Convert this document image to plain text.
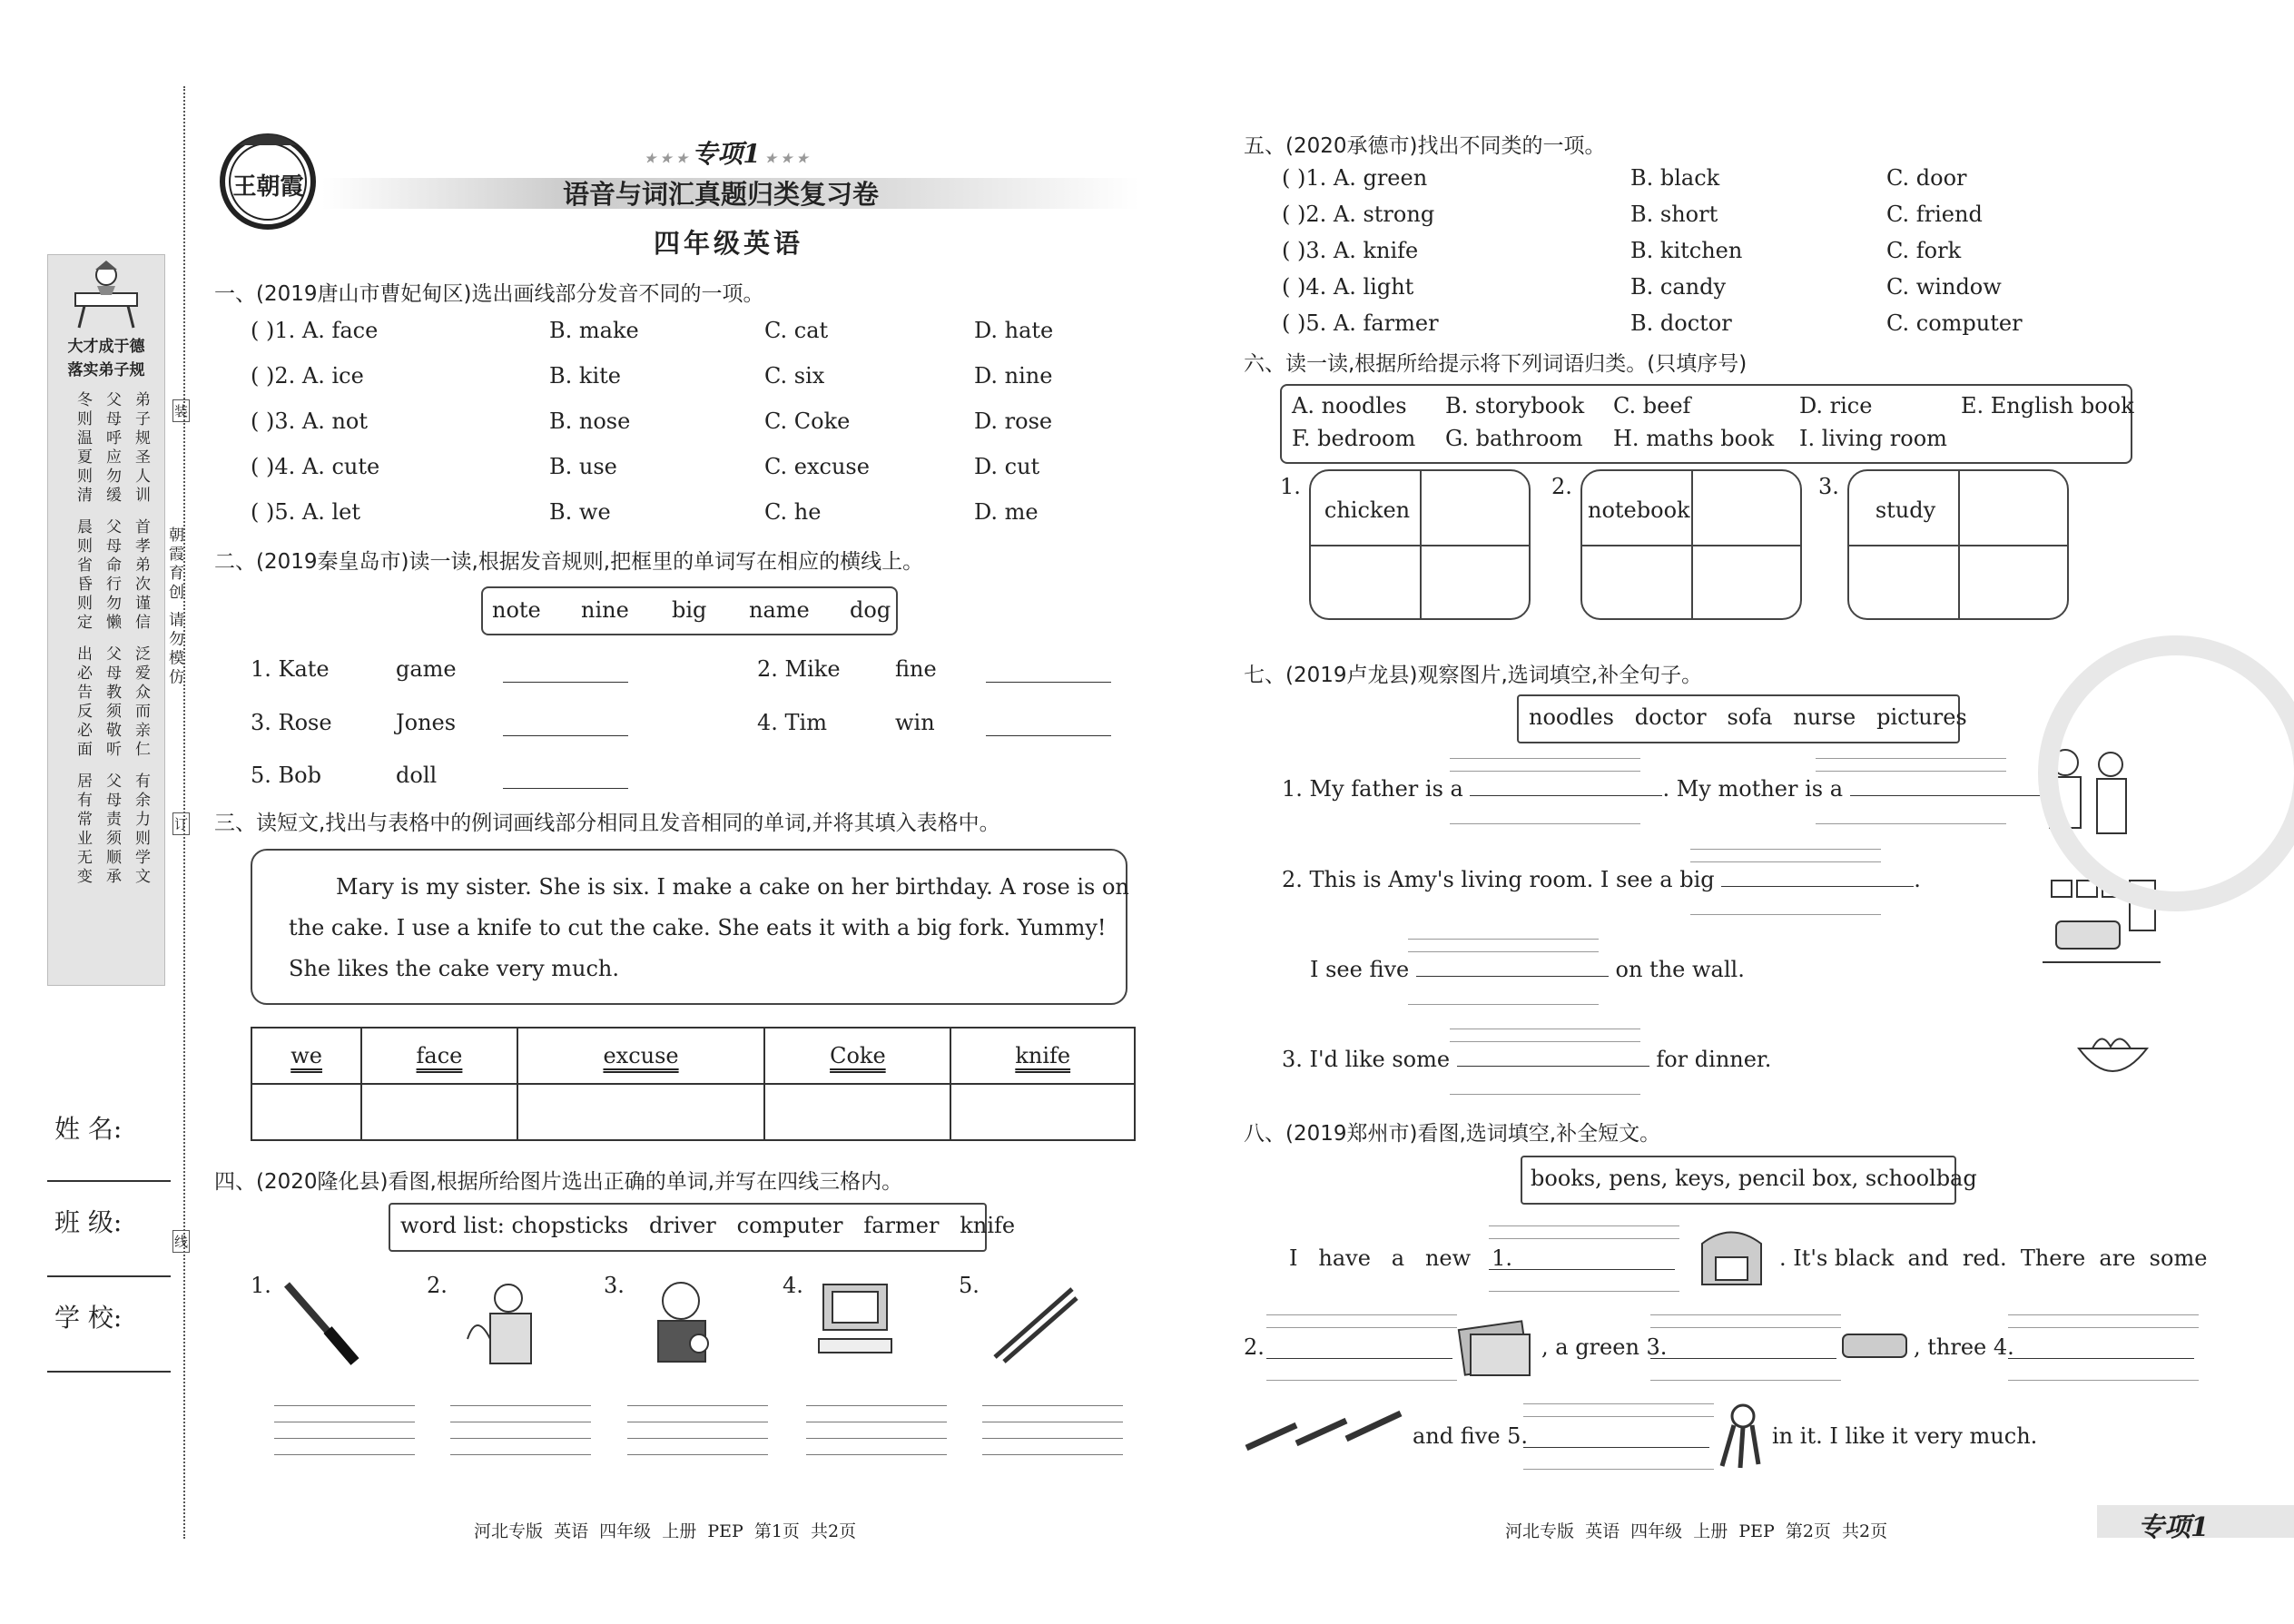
大才成于德
落实弟子规
冬则温夏则清 父母呼应勿缓 弟子规圣人训
晨则省昏则定 父母命行勿懒 首孝弟次谨信
出必告反必面 父母教须敬听 泛爱众而亲仁
居有常业无变 父母责须顺承 有余力则学文
朝霞育创 请勿模仿
装
订
线
姓 名:
班 级:
学 校:
王朝霞
★ ★ ★ 专项1 ★ ★ ★
语音与词汇真题归类复习卷
四年级英语
一、(2019唐山市曹妃甸区)选出画线部分发音不同的一项。
二、(2019秦皇岛市)读一读,根据发音规则,把框里的单词写在相应的横线上。
三、读短文,找出与表格中的例词画线部分相同且发音相同的单词,并将其填入表格中。
Mary is my sister. She is six. I make a cake on her birthday. A rose is on
the cake. I use a knife to cut the cake. She eats it with a big fork. Yummy!
She likes the cake very much.
we	face	excuse	Coke	knife

四、(2020隆化县)看图,根据所给图片选出正确的单词,并写在四线三格内。
word list: chopsticks   driver   computer   farmer   knife
五、(2020承德市)找出不同类的一项。
六、读一读,根据所给提示将下列词语归类。(只填序号)
七、(2019卢龙县)观察图片,选词填空,补全句子。
noodles   doctor   sofa   nurse   pictures
1. My father is a	. My mother is a	.
2. This is Amy's living room. I see a big	.
I see five	on the wall.
3. I'd like some	for dinner.
八、(2019郑州市)看图,选词填空,补全短文。
books, pens, keys, pencil box, schoolbag
I   have   a   new   1.	. It's black  and  red.  There  are  some
2.	, a green 3.	, three 4.
and five 5.	in it. I like it very much.
河北专版  英语  四年级  上册  PEP  第1页  共2页	河北专版  英语  四年级  上册  PEP  第2页  共2页	专项1
( )1. A. face	B. make	C. cat	D. hate
( )2. A. ice	B. kite	C. six	D. nine
( )3. A. not	B. nose	C. Coke	D. rose
( )4. A. cute	B. use	C. excuse	D. cut
( )5. A. let	B. we	C. he	D. me
note nine big name dog
1. Kate	game	2. Mike	fine
3. Rose	Jones	4. Tim	win
5. Bob	doll
1.	2.	3.	4.	5.
( )1. A. green	B. black	C. door
( )2. A. strong	B. short	C. friend
( )3. A. knife	B. kitchen	C. fork
( )4. A. light	B. candy	C. window
( )5. A. farmer	B. doctor	C. computer
A. noodles B. storybook C. beef	D. rice	E. English book
F. bedroom G. bathroom H. maths book I. living room
1.
chicken
2.
notebook
3.
study
